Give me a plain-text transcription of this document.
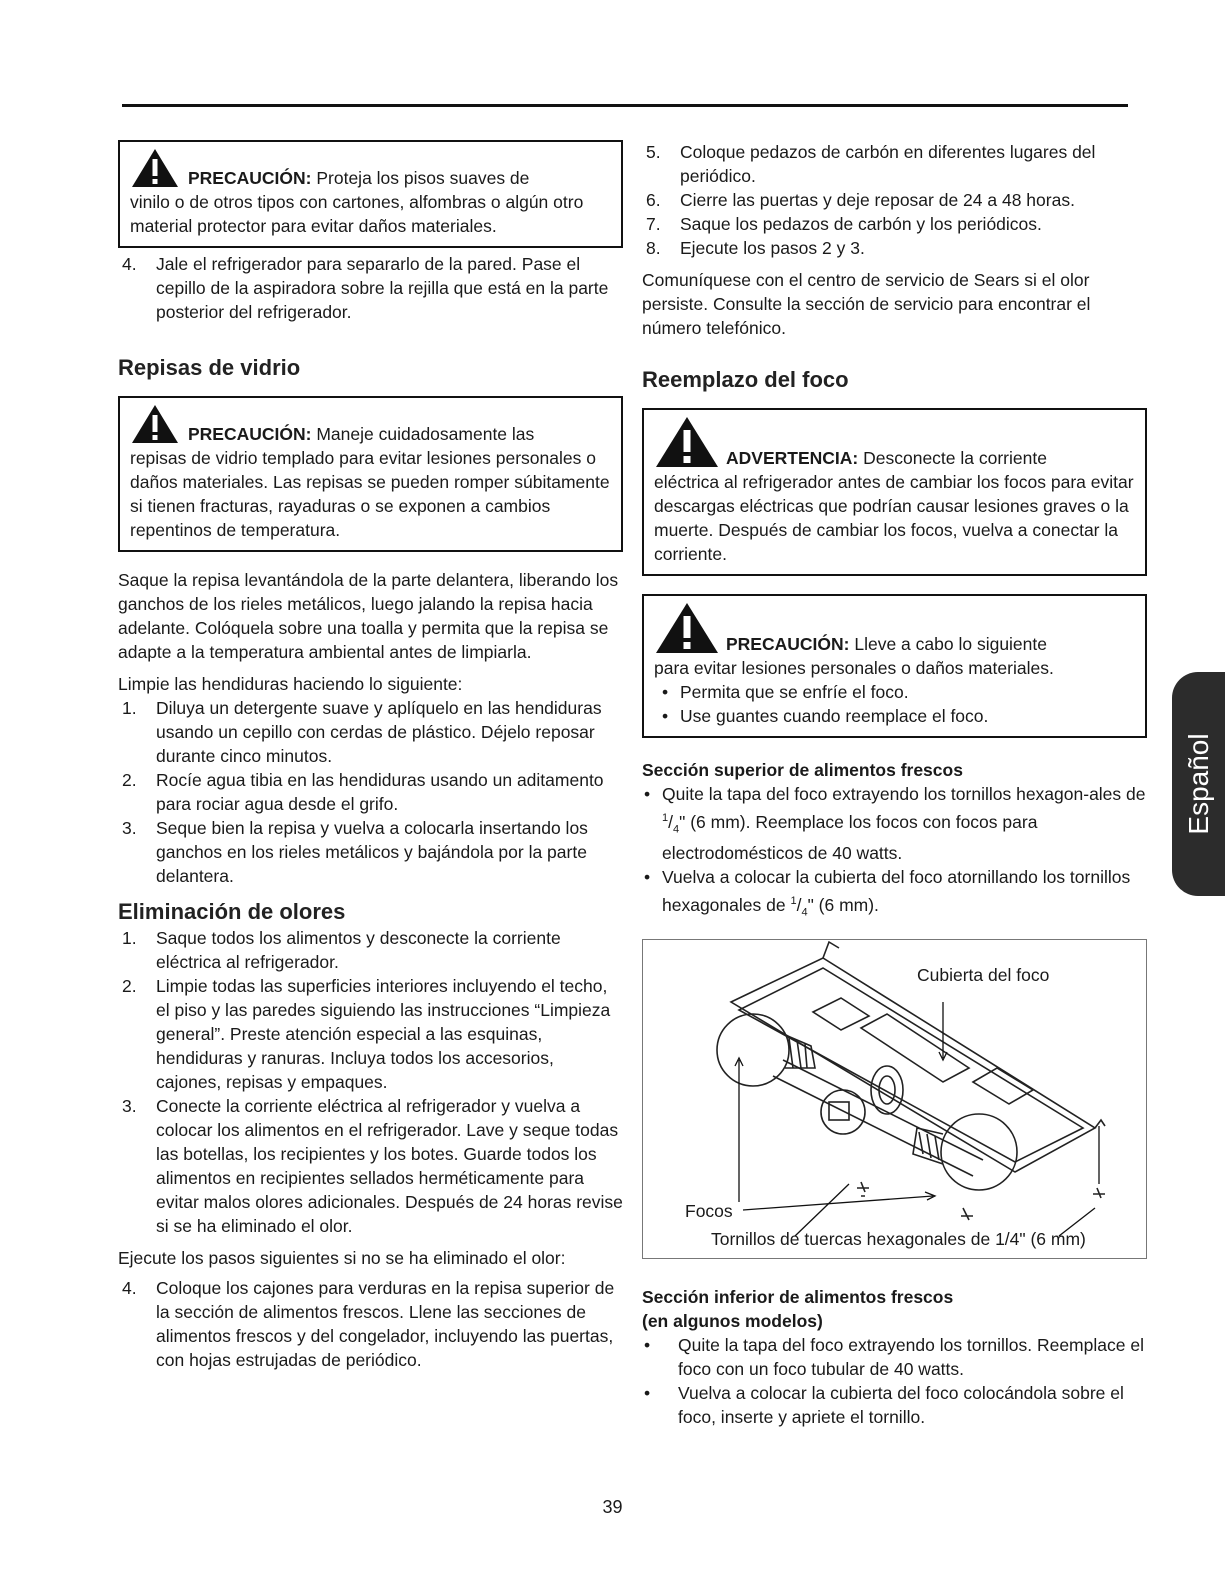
PRECAUCIÓN: Proteja los pisos suaves de
vinilo o de otros tipos con cartones, alfombras o algún otro material protector para evitar daños materiales.
4. Jale el refrigerador para separarlo de la pared. Pase el cepillo de la aspiradora sobre la rejilla que está en la parte posterior del refrigerador.
Repisas de vidrio
PRECAUCIÓN: Maneje cuidadosamente las
repisas de vidrio templado para evitar lesiones personales o daños materiales. Las repisas se pueden romper súbitamente si tienen fracturas, rayaduras o se exponen a cambios repentinos de temperatura.

Saque la repisa levantándola de la parte delantera, liberando los ganchos de los rieles metálicos, luego jalando la repisa hacia adelante. Colóquela sobre una toalla y permita que la repisa se adapte a la temperatura ambiental antes de limpiarla.

Limpie las hendiduras haciendo lo siguiente:

1. Diluya un detergente suave y aplíquelo en las hendiduras usando un cepillo con cerdas de plástico. Déjelo reposar durante cinco minutos.
2. Rocíe agua tibia en las hendiduras usando un aditamento para rociar agua desde el grifo.
3. Seque bien la repisa y vuelva a colocarla insertando los ganchos en los rieles metálicos y bajándola por la parte delantera.
Eliminación de olores
1. Saque todos los alimentos y desconecte la corriente eléctrica al refrigerador.
2. Limpie todas las superficies interiores incluyendo el techo, el piso y las paredes siguiendo las instrucciones “Limpieza general”. Preste atención especial a las esquinas, hendiduras y ranuras. Incluya todos los accesorios, cajones, repisas y empaques.
3. Conecte la corriente eléctrica al refrigerador y vuelva a colocar los alimentos en el refrigerador. Lave y seque todas las botellas, los recipientes y los botes. Guarde todos los alimentos en recipientes sellados herméticamente para evitar malos olores adicionales. Después de 24 horas revise si se ha eliminado el olor.

Ejecute los pasos siguientes si no se ha eliminado el olor:

4. Coloque los cajones para verduras en la repisa superior de la sección de alimentos frescos. Llene las secciones de alimentos frescos y del congelador, incluyendo las puertas, con hojas estrujadas de periódico.
5. Coloque pedazos de carbón en diferentes lugares del periódico.
6. Cierre las puertas y deje reposar de 24 a 48 horas.
7. Saque los pedazos de carbón y los periódicos.
8. Ejecute los pasos 2 y 3.

Comuníquese con el centro de servicio de Sears si el olor persiste. Consulte la sección de servicio para encontrar el número telefónico.

Reemplazo del foco
ADVERTENCIA: Desconecte la corriente
eléctrica al refrigerador antes de cambiar los focos para evitar descargas eléctricas que podrían causar lesiones graves o la muerte. Después de cambiar los focos, vuelva a conectar la corriente.
PRECAUCIÓN: Lleve a cabo lo siguiente
para evitar lesiones personales o daños materiales.
• Permita que se enfríe el foco.
• Use guantes cuando reemplace el foco.
Sección superior de alimentos frescos
• Quite la tapa del foco extrayendo los tornillos hexagon-ales de $^1/_4$" (6 mm). Reemplace los focos con focos para electrodomésticos de 40 watts.
• Vuelva a colocar la cubierta del foco atornillando los tornillos hexagonales de $^1/_4$" (6 mm).
Cubierta del foco
Focos
Tornillos de tuercas hexagonales de 1/4" (6 mm)
Sección inferior de alimentos frescos
(en algunos modelos)
• Quite la tapa del foco extrayendo los tornillos. Reemplace el foco con un foco tubular de 40 watts.
• Vuelva a colocar la cubierta del foco colocándola sobre el foco, inserte y apriete el tornillo.
Español
39
